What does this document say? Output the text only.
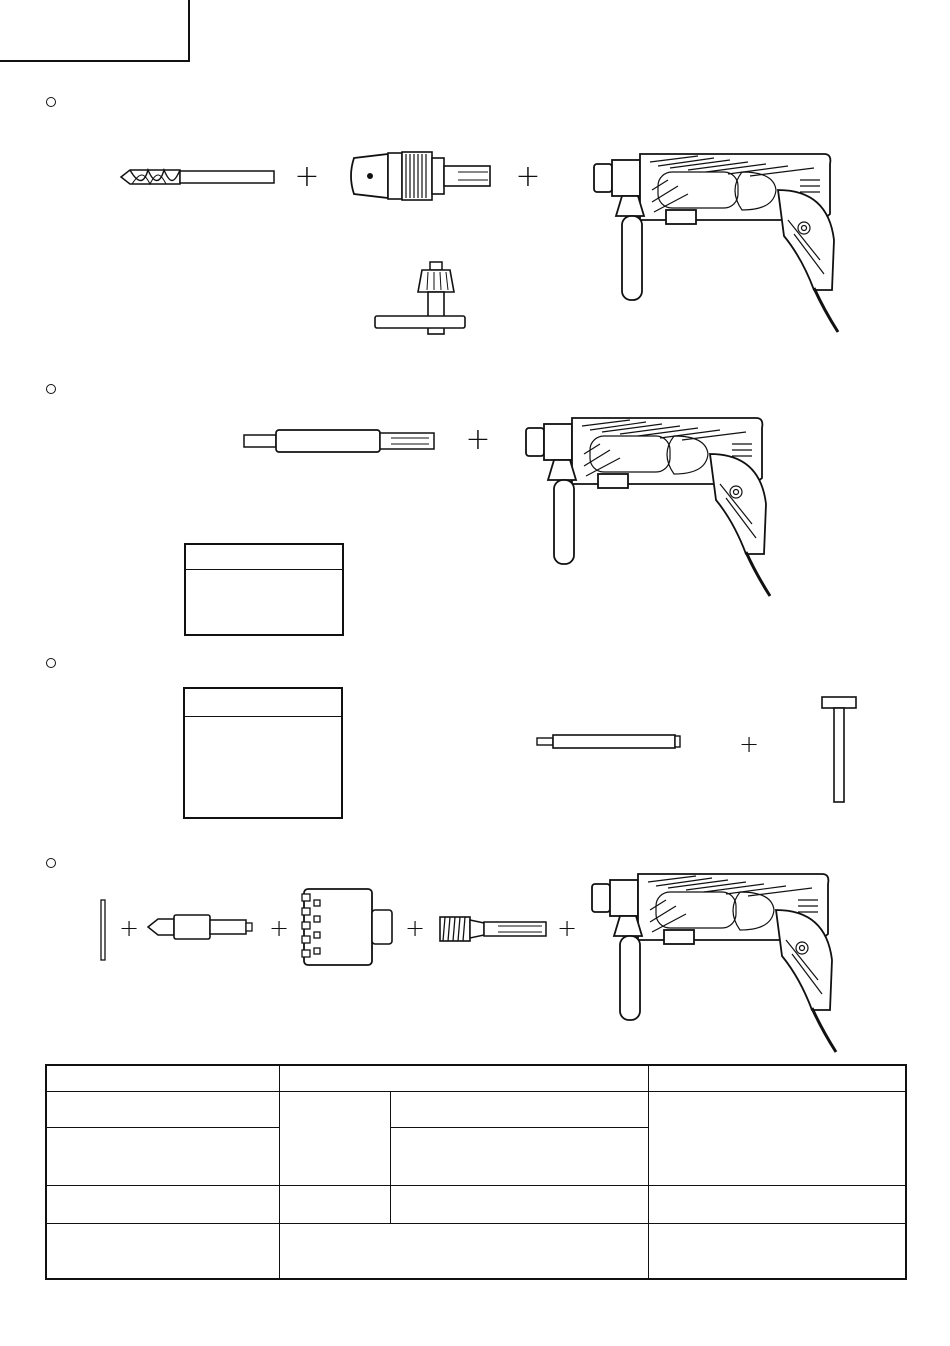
+	+
+
+
+	+	+	+
